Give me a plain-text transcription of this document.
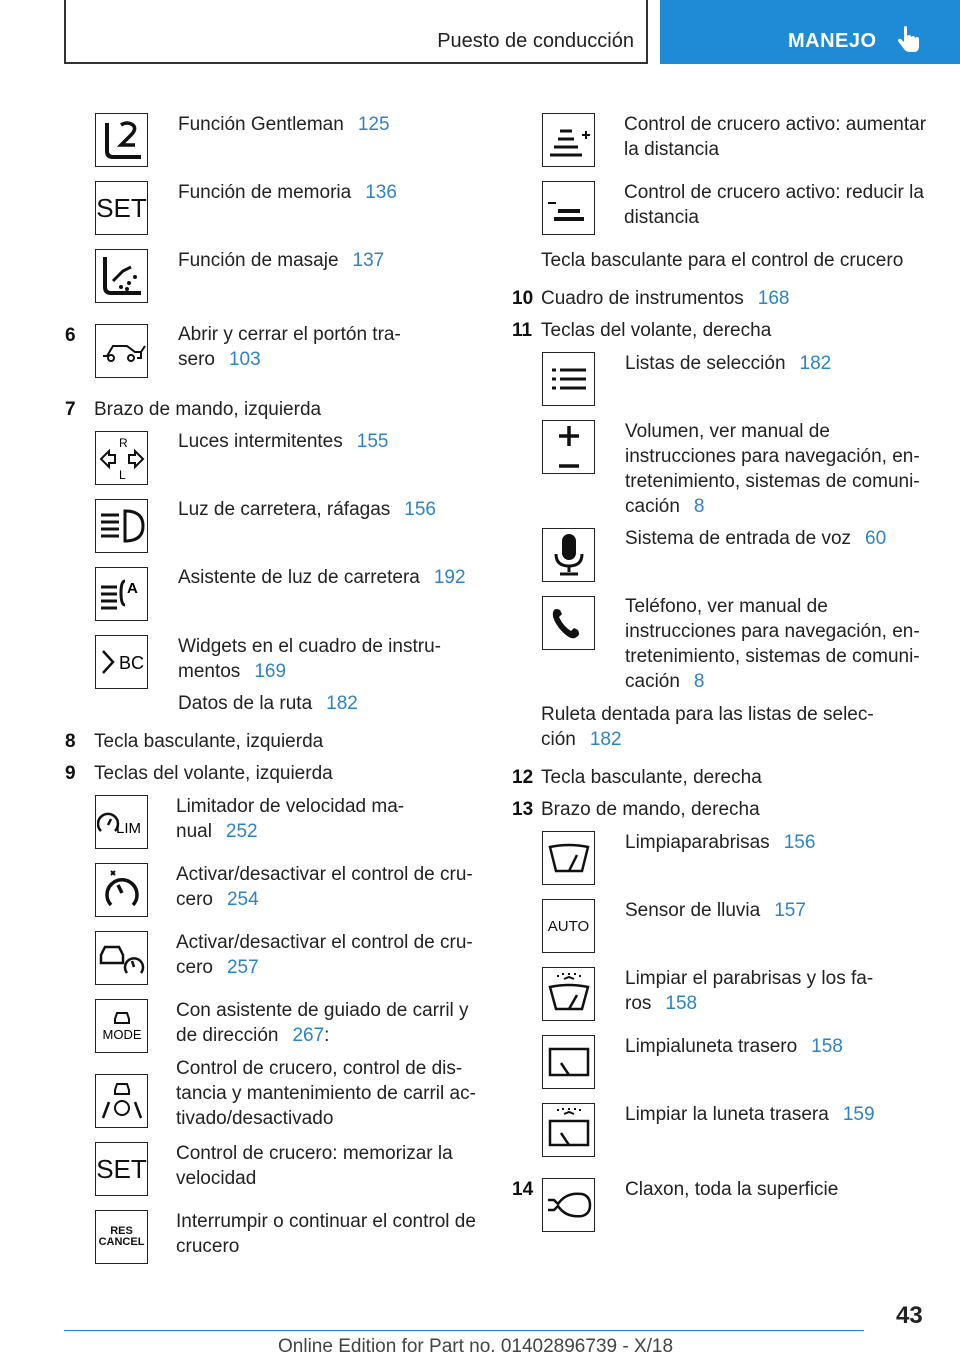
Puesto de conducción	MANEJO
Función Gentleman 125
SET
Función de memoria 136
Función de masaje 137
6	Abrir y cerrar el portón tra-
sero 103
7 Brazo de mando, izquierda
R
L
Luces intermitentes 155
Luz de carretera, ráfagas 156
A
Asistente de luz de carretera 192
BC
Widgets en el cuadro de instru-
mentos 169
Datos de la ruta 182
8 Tecla basculante, izquierda
9 Teclas del volante, izquierda
LIM
Limitador de velocidad ma-
nual 252
Activar/desactivar el control de cru-
cero 254
Activar/desactivar el control de cru-
cero 257
MODE
Con asistente de guiado de carril y
de dirección 267:
Control de crucero, control de dis-
tancia y mantenimiento de carril ac-
tivado/desactivado
SET
Control de crucero: memorizar la
velocidad
RES
CANCEL
Interrumpir o continuar el control de
crucero
Control de crucero activo: aumentar
la distancia
Control de crucero activo: reducir la
distancia
Tecla basculante para el control de crucero
10 Cuadro de instrumentos 168
11 Teclas del volante, derecha
Listas de selección 182
Volumen, ver manual de
instrucciones para navegación, en-
tretenimiento, sistemas de comuni-
cación 8
Sistema de entrada de voz 60
Teléfono, ver manual de
instrucciones para navegación, en-
tretenimiento, sistemas de comuni-
cación 8
Ruleta dentada para las listas de selec-
ción 182
12 Tecla basculante, derecha
13 Brazo de mando, derecha
Limpiaparabrisas 156
AUTO
Sensor de lluvia 157
Limpiar el parabrisas y los fa-
ros 158
Limpialuneta trasero 158
Limpiar la luneta trasera 159
14	Claxon, toda la superficie
43
Online Edition for Part no. 01402896739 - X/18
